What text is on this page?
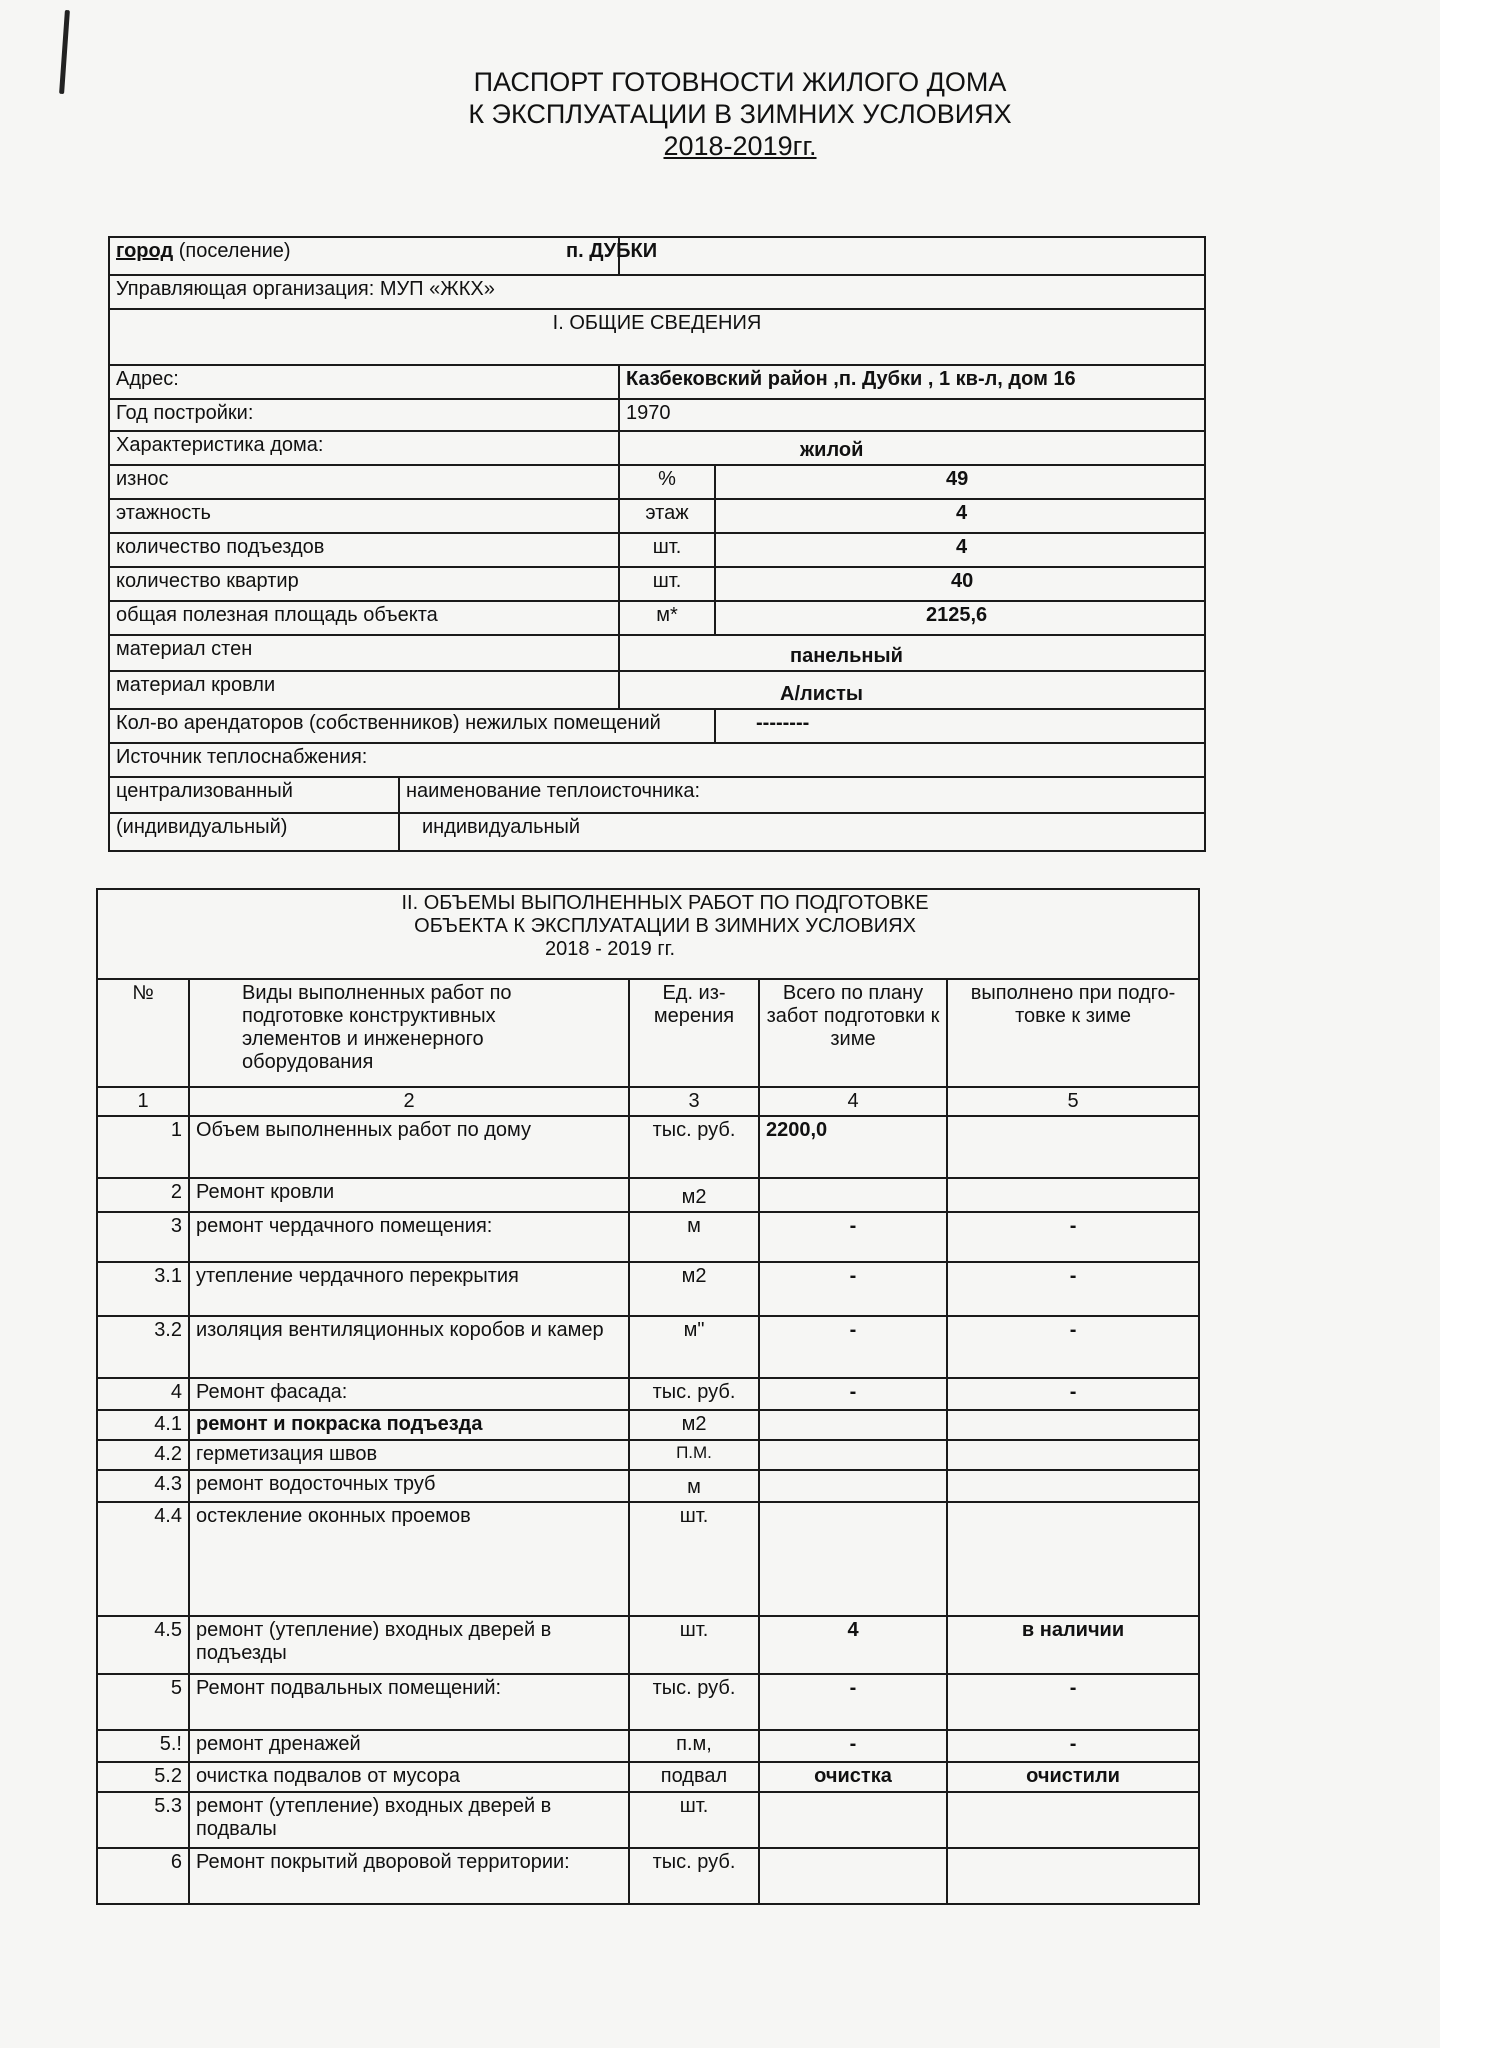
ПАСПОРТ ГОТОВНОСТИ ЖИЛОГО ДОМА
К ЭКСПЛУАТАЦИИ В ЗИМНИХ УСЛОВИЯХ
2018-2019гг.
город (поселение)		п. ДУБКИ	
Управляющая организация: МУП «ЖКХ»			
I. ОБЩИЕ СВЕДЕНИЯ			
Адрес:		Казбековский район ,п. Дубки , 1 кв-л, дом 16	
Год постройки:		1970	
Характеристика дома:		жилой	
износ		%	49
этажность		этаж	4
количество подъездов		шт.	4
количество квартир		шт.	40
общая полезная площадь объекта		м*	2125,6
материал стен		панельный	
материал кровли		А/листы	
Кол-во арендаторов (собственников) нежилых помещений			--------
Источник теплоснабжения:			
централизованный	наименование теплоисточника:		
(индивидуальный)	индивидуальный		
II. ОБЪЕМЫ ВЫПОЛНЕННЫХ РАБОТ ПО ПОДГОТОВКЕ
ОБЪЕКТА К ЭКСПЛУАТАЦИИ В ЗИМНИХ УСЛОВИЯХ
2018 - 2019 гг.				

№	Виды выполненных работ по подготовке конструктивных элементов и инженерного оборудования	Ед. из-мерения	Всего по плану забот подготовки к зиме	выполнено при подго-товке к зиме
1	2	3	4	5
1	Объем выполненных работ по дому	тыс. руб.	2200,0	
2	Ремонт кровли	м2		
3	ремонт чердачного помещения:	м	-	-
3.1	утепление чердачного перекрытия	м2	-	-
3.2	изоляция вентиляционных коробов и камер	м"	-	-
4	Ремонт фасада:	тыс. руб.	-	-
4.1	ремонт и покраска подъезда	м2		
4.2	герметизация швов	П.М.		
4.3	ремонт водосточных труб	м		
4.4	остекление оконных проемов	шт.		
4.5	ремонт (утепление) входных дверей в подъезды	шт.	4	в наличии
5	Ремонт подвальных помещений:	тыс. руб.	-	-
5.!	ремонт дренажей	п.м,	-	-
5.2	очистка подвалов от мусора	подвал	очистка	очистили
5.3	ремонт (утепление) входных дверей в подвалы	шт.		
6	Ремонт покрытий дворовой территории:	тыс. руб.		
